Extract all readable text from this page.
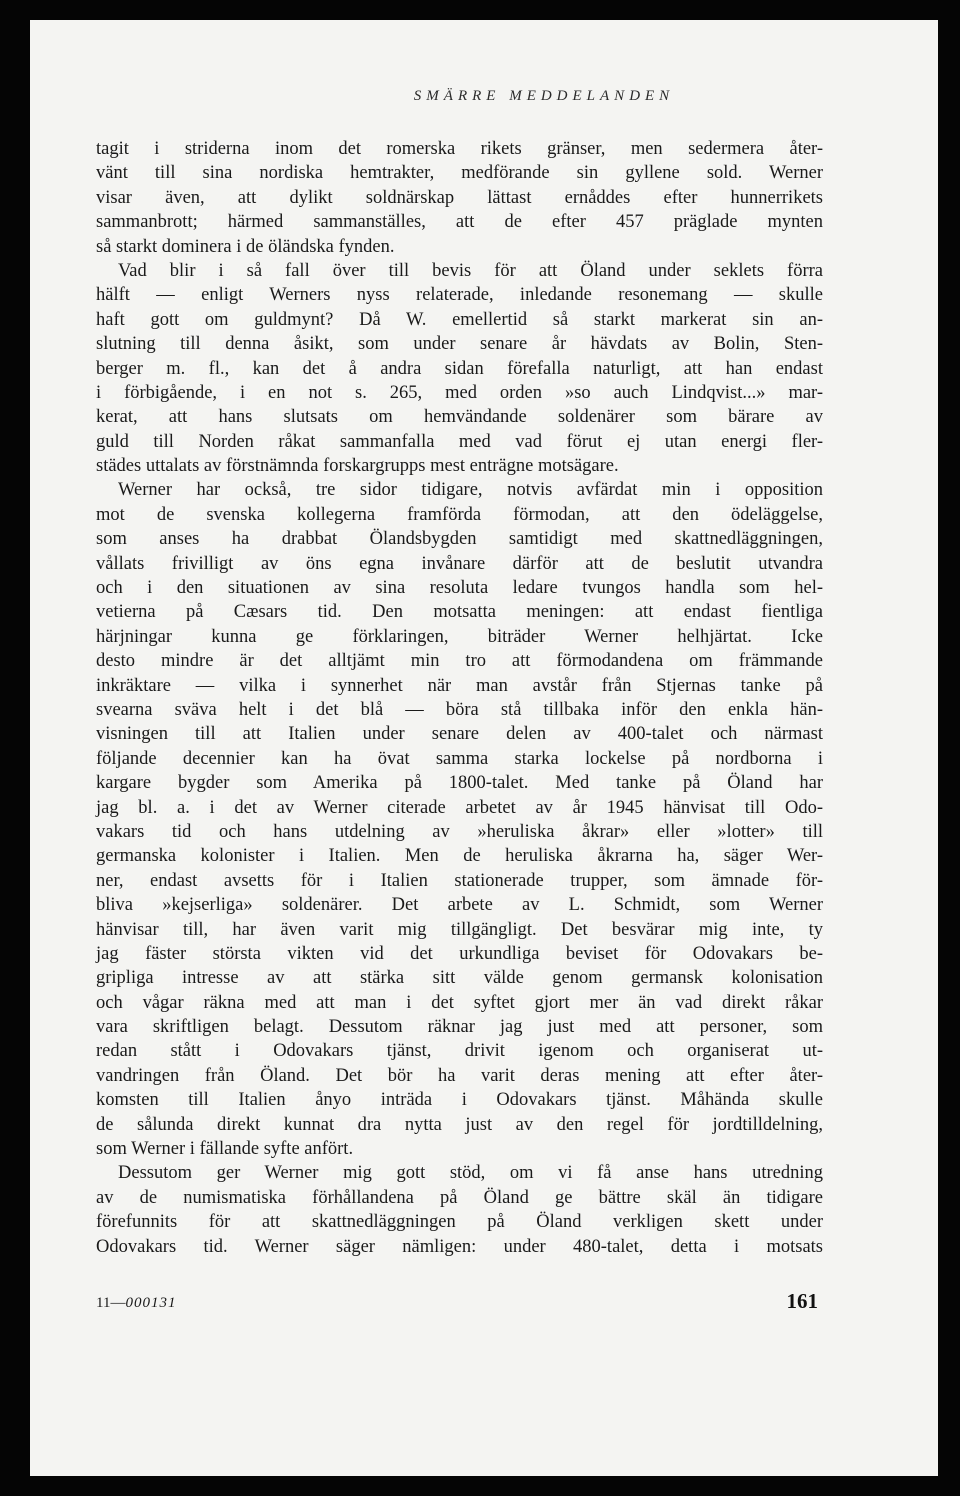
SMÄRRE MEDDELANDEN
tagit i striderna inom det romerska rikets gränser, men sedermera åter-
vänt till sina nordiska hemtrakter, medförande sin gyllene sold. Werner
visar även, att dylikt soldnärskap lättast ernåddes efter hunnerrikets
sammanbrott; härmed sammanställes, att de efter 457 präglade mynten
så starkt dominera i de öländska fynden.
Vad blir i så fall över till bevis för att Öland under seklets förra
hälft — enligt Werners nyss relaterade, inledande resonemang — skulle
haft gott om guldmynt? Då W. emellertid så starkt markerat sin an-
slutning till denna åsikt, som under senare år hävdats av Bolin, Sten-
berger m. fl., kan det å andra sidan förefalla naturligt, att han endast
i förbigående, i en not s. 265, med orden »so auch Lindqvist...» mar-
kerat, att hans slutsats om hemvändande soldenärer som bärare av
guld till Norden råkat sammanfalla med vad förut ej utan energi fler-
städes uttalats av förstnämnda forskargrupps mest enträgne motsägare.
Werner har också, tre sidor tidigare, notvis avfärdat min i opposition
mot de svenska kollegerna framförda förmodan, att den ödeläggelse,
som anses ha drabbat Ölandsbygden samtidigt med skattnedläggningen,
vållats frivilligt av öns egna invånare därför att de beslutit utvandra
och i den situationen av sina resoluta ledare tvungos handla som hel-
vetierna på Cæsars tid. Den motsatta meningen: att endast fientliga
härjningar kunna ge förklaringen, biträder Werner helhjärtat. Icke
desto mindre är det alltjämt min tro att förmodandena om främmande
inkräktare — vilka i synnerhet när man avstår från Stjernas tanke på
svearna sväva helt i det blå — böra stå tillbaka inför den enkla hän-
visningen till att Italien under senare delen av 400-talet och närmast
följande decennier kan ha övat samma starka lockelse på nordborna i
kargare bygder som Amerika på 1800-talet. Med tanke på Öland har
jag bl. a. i det av Werner citerade arbetet av år 1945 hänvisat till Odo-
vakars tid och hans utdelning av »heruliska åkrar» eller »lotter» till
germanska kolonister i Italien. Men de heruliska åkrarna ha, säger Wer-
ner, endast avsetts för i Italien stationerade trupper, som ämnade för-
bliva »kejserliga» soldenärer. Det arbete av L. Schmidt, som Werner
hänvisar till, har även varit mig tillgängligt. Det besvärar mig inte, ty
jag fäster största vikten vid det urkundliga beviset för Odovakars be-
gripliga intresse av att stärka sitt välde genom germansk kolonisation
och vågar räkna med att man i det syftet gjort mer än vad direkt råkar
vara skriftligen belagt. Dessutom räknar jag just med att personer, som
redan stått i Odovakars tjänst, drivit igenom och organiserat ut-
vandringen från Öland. Det bör ha varit deras mening att efter åter-
komsten till Italien ånyo inträda i Odovakars tjänst. Måhända skulle
de sålunda direkt kunnat dra nytta just av den regel för jordtilldelning,
som Werner i fällande syfte anfört.
Dessutom ger Werner mig gott stöd, om vi få anse hans utredning
av de numismatiska förhållandena på Öland ge bättre skäl än tidigare
förefunnits för att skattnedläggningen på Öland verkligen skett under
Odovakars tid. Werner säger nämligen: under 480-talet, detta i motsats
11—000131	161
